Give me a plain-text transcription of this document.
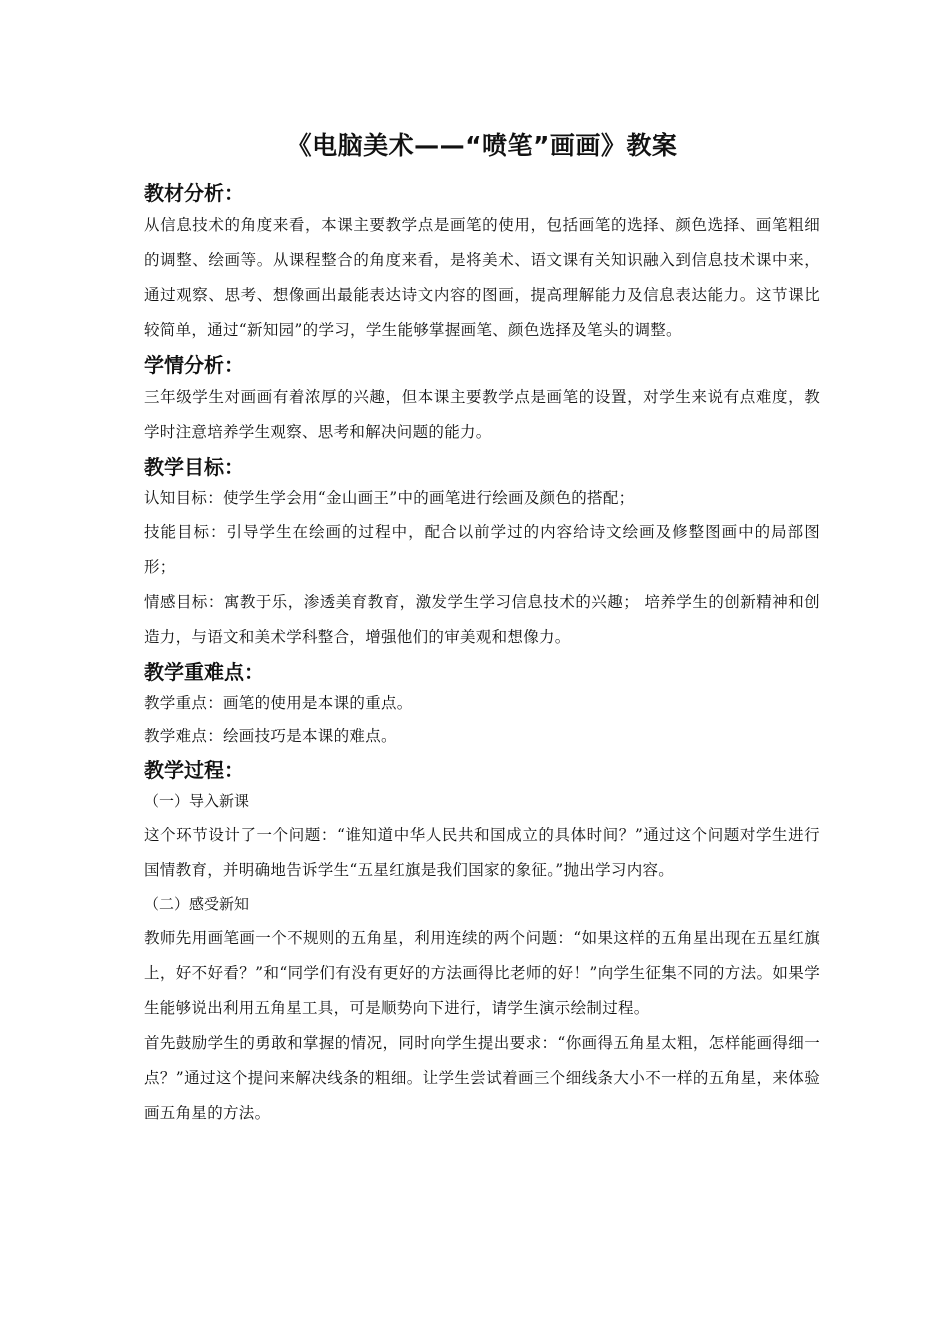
《电脑美术——“喷笔”画画》教案
教材分析：

从信息技术的角度来看，本课主要教学点是画笔的使用，包括画笔的选择、颜色选择、画笔粗细的调整、绘画等。从课程整合的角度来看，是将美术、语文课有关知识融入到信息技术课中来，通过观察、思考、想像画出最能表达诗文内容的图画，提高理解能力及信息表达能力。这节课比较简单，通过“新知园”的学习，学生能够掌握画笔、颜色选择及笔头的调整。

学情分析：

三年级学生对画画有着浓厚的兴趣，但本课主要教学点是画笔的设置，对学生来说有点难度，教学时注意培养学生观察、思考和解决问题的能力。

教学目标：

认知目标：使学生学会用“金山画王”中的画笔进行绘画及颜色的搭配；

技能目标：引导学生在绘画的过程中，配合以前学过的内容给诗文绘画及修整图画中的局部图形；

情感目标：寓教于乐，渗透美育教育，激发学生学习信息技术的兴趣； 培养学生的创新精神和创造力，与语文和美术学科整合，增强他们的审美观和想像力。

教学重难点：

教学重点：画笔的使用是本课的重点。

教学难点：绘画技巧是本课的难点。

教学过程：

（一）导入新课

这个环节设计了一个问题：“谁知道中华人民共和国成立的具体时间？”通过这个问题对学生进行国情教育，并明确地告诉学生“五星红旗是我们国家的象征。”抛出学习内容。

（二）感受新知

教师先用画笔画一个不规则的五角星，利用连续的两个问题：“如果这样的五角星出现在五星红旗上，好不好看？”和“同学们有没有更好的方法画得比老师的好！”向学生征集不同的方法。如果学生能够说出利用五角星工具，可是顺势向下进行，请学生演示绘制过程。

首先鼓励学生的勇敢和掌握的情况，同时向学生提出要求：“你画得五角星太粗，怎样能画得细一点？”通过这个提问来解决线条的粗细。让学生尝试着画三个细线条大小不一样的五角星，来体验画五角星的方法。
